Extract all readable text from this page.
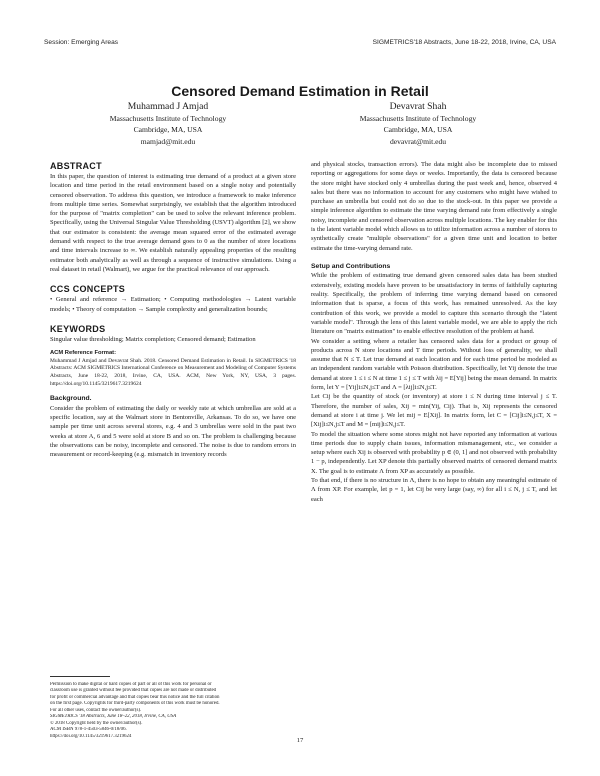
Session: Emerging Areas	SIGMETRICS'18 Abstracts, June 18-22, 2018, Irvine, CA, USA
Censored Demand Estimation in Retail
Muhammad J Amjad
Massachusetts Institute of Technology
Cambridge, MA, USA
mamjad@mit.edu
Devavrat Shah
Massachusetts Institute of Technology
Cambridge, MA, USA
devavrat@mit.edu
ABSTRACT

In this paper, the question of interest is estimating true demand of a product at a given store location and time period in the retail environment based on a single noisy and potentially censored observation. To address this question, we introduce a framework to make inference from multiple time series. Somewhat surprisingly, we establish that the algorithm introduced for the purpose of "matrix completion" can be used to solve the relevant inference problem. Specifically, using the Universal Singular Value Thresholding (USVT) algorithm [2], we show that our estimator is consistent: the average mean squared error of the estimated average demand with respect to the true average demand goes to 0 as the number of store locations and time intervals increase to ∞. We establish naturally appealing properties of the resulting estimator both analytically as well as through a sequence of instructive simulations. Using a real dataset in retail (Walmart), we argue for the practical relevance of our approach.

CCS CONCEPTS

• General and reference → Estimation; • Computing methodologies → Latent variable models; • Theory of computation → Sample complexity and generalization bounds;

KEYWORDS

Singular value thresholding; Matrix completion; Censored demand; Estimation

ACM Reference Format:

Muhammad J Amjad and Devavrat Shah. 2018. Censored Demand Estimation in Retail. In SIGMETRICS '18 Abstracts: ACM SIGMETRICS International Conference on Measurement and Modeling of Computer Systems Abstracts, June 18-22, 2018, Irvine, CA, USA. ACM, New York, NY, USA, 3 pages. https://doi.org/10.1145/3219617.3219624

Background.

Consider the problem of estimating the daily or weekly rate at which umbrellas are sold at a specific location, say at the Walmart store in Bentonville, Arkansas. To do so, we have one sample per time unit across several stores, e.g. 4 and 3 umbrellas were sold in the past two weeks at store A, 6 and 5 were sold at store B and so on. The problem is challenging because the observations can be noisy, incomplete and censored. The noise is due to random errors in measurement or record-keeping (e.g. mismatch in inventory records

Permission to make digital or hard copies of part or all of this work for personal or
classroom use is granted without fee provided that copies are not made or distributed
for profit or commercial advantage and that copies bear this notice and the full citation
on the first page. Copyrights for third-party components of this work must be honored.
For all other uses, contact the owner/author(s).
SIGMETRICS '18 Abstracts, June 18–22, 2018, Irvine, CA, USA
© 2018 Copyright held by the owner/author(s).
ACM ISBN 978-1-4503-5846-0/18/06.
https://doi.org/10.1145/3219617.3219624

and physical stocks, transaction errors). The data might also be incomplete due to missed reporting or aggregations for some days or weeks. Importantly, the data is censored because the store might have stocked only 4 umbrellas during the past week and, hence, observed 4 sales but there was no information to account for any customers who might have wished to purchase an umbrella but could not do so due to the stock-out. In this paper we provide a simple inference algorithm to estimate the time varying demand rate from effectively a single noisy, incomplete and censored observation across multiple locations. The key enabler for this is the latent variable model which allows us to utilize information across a number of stores to synthetically create "multiple observations" for a given time unit and location to better estimate the time-varying demand rate.

Setup and Contributions

While the problem of estimating true demand given censored sales data has been studied extensively, existing models have proven to be unsatisfactory in terms of faithfully capturing reality. Specifically, the problem of inferring time varying demand based on censored information that is sparse, a focus of this work, has remained unresolved. As the key contribution of this work, we provide a model to capture this scenario through the "latent variable model". Through the lens of this latent variable model, we are able to apply the rich literature on "matrix estimation" to enable effective resolution of the problem at hand.

We consider a setting where a retailer has censored sales data for a product or group of products across N store locations and T time periods. Without loss of generality, we shall assume that N ≤ T. Let true demand at each location and for each time period be modeled as an independent random variable with Poisson distribution. Specifically, let Yij denote the true demand at store 1 ≤ i ≤ N at time 1 ≤ j ≤ T with λij = E[Yij] being the mean demand. In matrix form, let Y = [Yij]i≤N,j≤T and Λ = [λij]i≤N,j≤T.

Let Cij be the quantity of stock (or inventory) at store i ≤ N during time interval j ≤ T. Therefore, the number of sales, Xij = min(Yij, Cij). That is, Xij represents the censored demand at store i at time j. We let mij = E[Xij]. In matrix form, let C = [Cij]i≤N,j≤T, X = [Xij]i≤N,j≤T and M = [mij]i≤N,j≤T.

To model the situation where some stores might not have reported any information at various time periods due to supply chain issues, information mismanagement, etc., we consider a setup where each Xij is observed with probability p ∈ (0, 1] and not observed with probability 1 − p, independently. Let XP denote this partially observed matrix of censored demand matrix X. The goal is to estimate Λ from XP as accurately as possible.

To that end, if there is no structure in Λ, there is no hope to obtain any meaningful estimate of Λ from XP. For example, let p = 1, let Cij be very large (say, ∞) for all i ≤ N, j ≤ T, and let each

17
